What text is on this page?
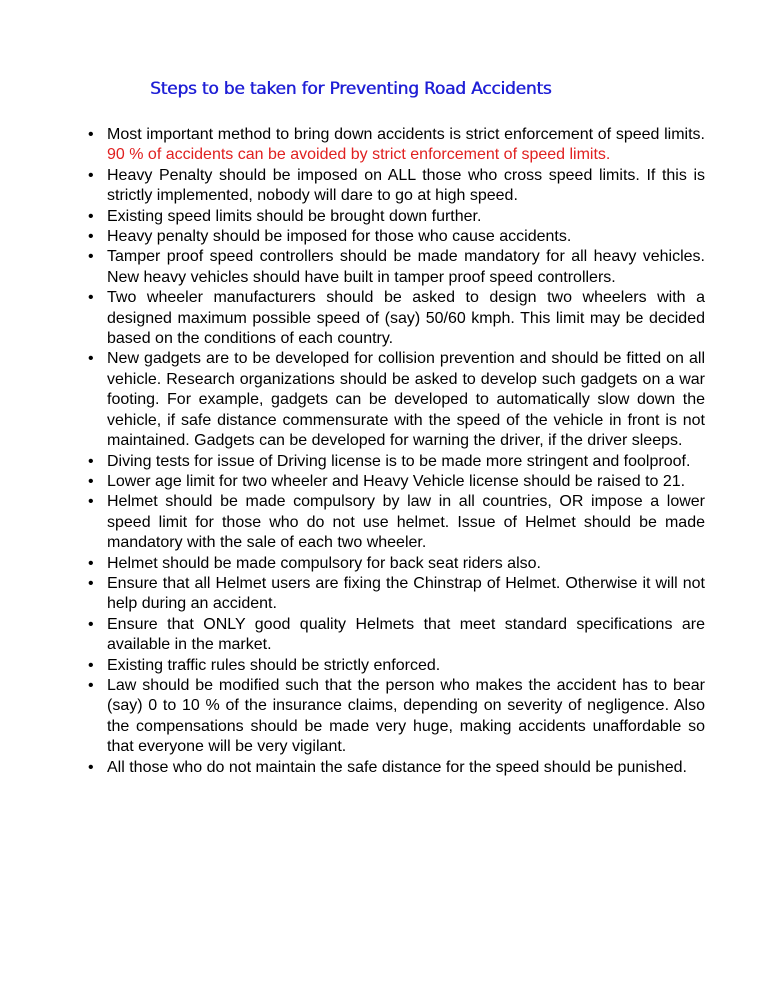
Steps to be taken for Preventing Road Accidents
• Most important method to bring down accidents is strict enforcement of speed limits. 90 % of accidents can be avoided by strict enforcement of speed limits.
• Heavy Penalty should be imposed on ALL those who cross speed limits. If this is strictly implemented, nobody will dare to go at high speed.
• Existing speed limits should be brought down further.
• Heavy penalty should be imposed for those who cause accidents.
• Tamper proof speed controllers should be made mandatory for all heavy vehicles. New heavy vehicles should have built in tamper proof speed controllers.
• Two wheeler manufacturers should be asked to design two wheelers with a designed maximum possible speed of (say) 50/60 kmph. This limit may be decided based on the conditions of each country.
• New gadgets are to be developed for collision prevention and should be fitted on all vehicle. Research organizations should be asked to develop such gadgets on a war footing. For example, gadgets can be developed to automatically slow down the vehicle, if safe distance commensurate with the speed of the vehicle in front is not maintained. Gadgets can be developed for warning the driver, if the driver sleeps.
• Diving tests for issue of Driving license is to be made more stringent and foolproof.
• Lower age limit for two wheeler and Heavy Vehicle license should be raised to 21.
• Helmet should be made compulsory by law in all countries, OR impose a lower speed limit for those who do not use helmet. Issue of Helmet should be made mandatory with the sale of each two wheeler.
• Helmet should be made compulsory for back seat riders also.
• Ensure that all Helmet users are fixing the Chinstrap of Helmet. Otherwise it will not help during an accident.
• Ensure that ONLY good quality Helmets that meet standard specifications are available in the market.
• Existing traffic rules should be strictly enforced.
• Law should be modified such that the person who makes the accident has to bear (say) 0 to 10 % of the insurance claims, depending on severity of negligence. Also the compensations should be made very huge, making accidents unaffordable so that everyone will be very vigilant.
• All those who do not maintain the safe distance for the speed should be punished.
